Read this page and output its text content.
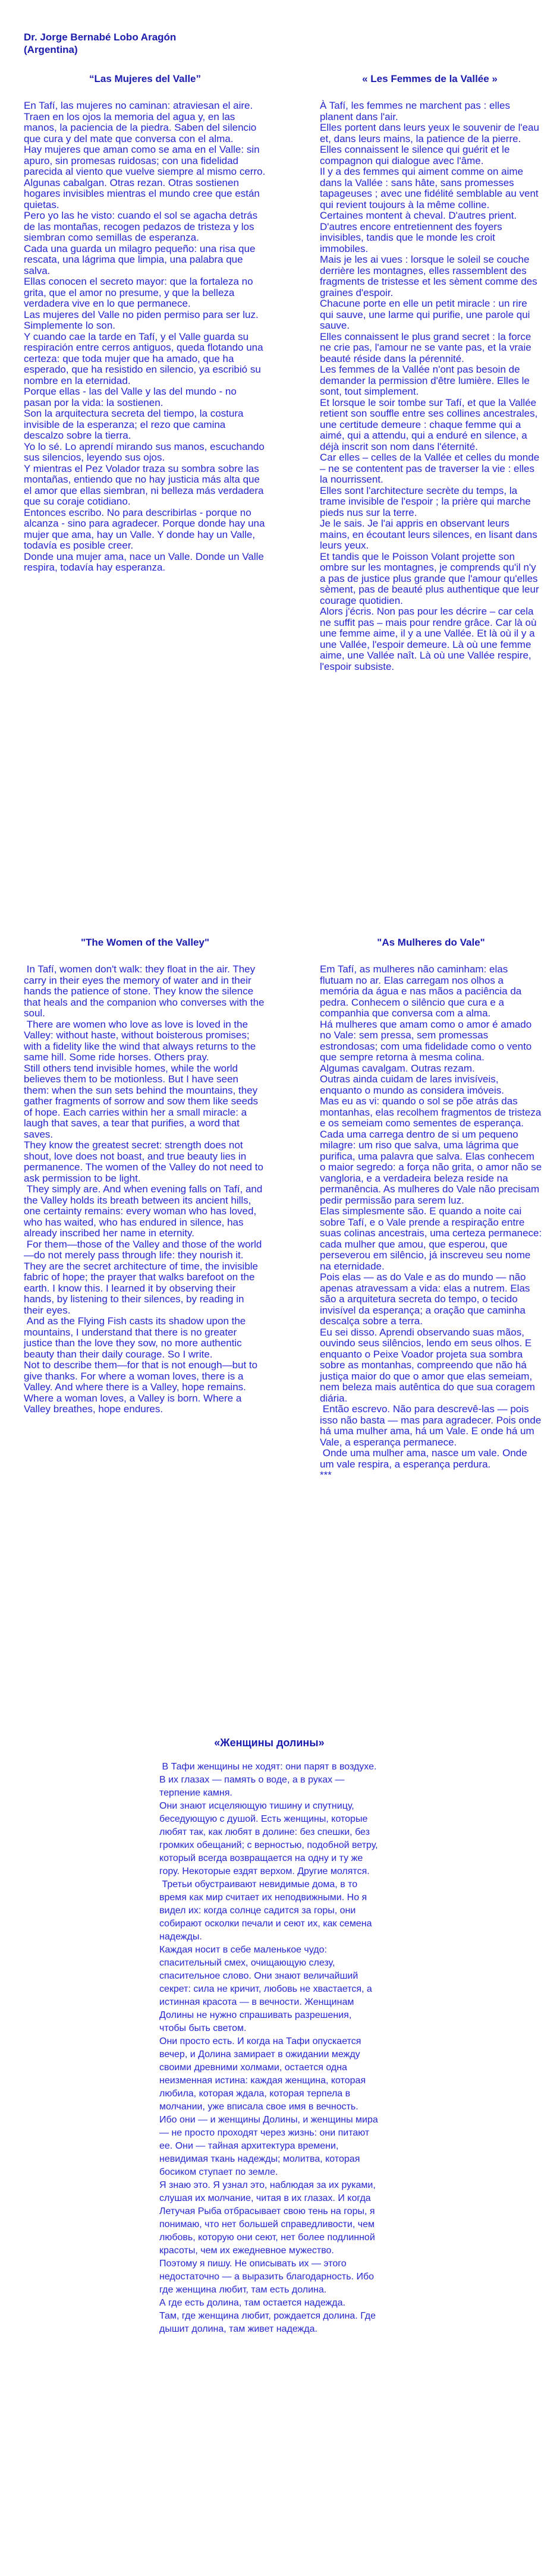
Dr. Jorge Bernabé Lobo Aragón
(Argentina)
“Las Mujeres del Valle”

En Tafí, las mujeres no caminan: atraviesan el aire. Traen en los ojos la memoria del agua y, en las manos, la paciencia de la piedra. Saben del silencio que cura y del mate que conversa con el alma.

Hay mujeres que aman como se ama en el Valle: sin apuro, sin promesas ruidosas; con una fidelidad parecida al viento que vuelve siempre al mismo cerro.

Algunas cabalgan. Otras rezan. Otras sostienen hogares invisibles mientras el mundo cree que están quietas.

Pero yo las he visto: cuando el sol se agacha detrás de las montañas, recogen pedazos de tristeza y los siembran como semillas de esperanza.

Cada una guarda un milagro pequeño: una risa que rescata, una lágrima que limpia, una palabra que salva.

Ellas conocen el secreto mayor: que la fortaleza no grita, que el amor no presume, y que la belleza verdadera vive en lo que permanece.

Las mujeres del Valle no piden permiso para ser luz. Simplemente lo son.

Y cuando cae la tarde en Tafí, y el Valle guarda su respiración entre cerros antiguos, queda flotando una certeza: que toda mujer que ha amado, que ha esperado, que ha resistido en silencio, ya escribió su nombre en la eternidad.

Porque ellas - las del Valle y las del mundo - no pasan por la vida: la sostienen.

Son la arquitectura secreta del tiempo, la costura invisible de la esperanza; el rezo que camina descalzo sobre la tierra.

Yo lo sé. Lo aprendí mirando sus manos, escuchando sus silencios, leyendo sus ojos.

Y mientras el Pez Volador traza su sombra sobre las montañas, entiendo que no hay justicia más alta que el amor que ellas siembran, ni belleza más verdadera que su coraje cotidiano.

Entonces escribo. No para describirlas - porque no alcanza - sino para agradecer. Porque donde hay una mujer que ama, hay un Valle. Y donde hay un Valle, todavía es posible creer.

Donde una mujer ama, nace un Valle. Donde un Valle respira, todavía hay esperanza.

« Les Femmes de la Vallée »

À Tafí, les femmes ne marchent pas : elles planent dans l'air.

Elles portent dans leurs yeux le souvenir de l'eau et, dans leurs mains, la patience de la pierre. Elles connaissent le silence qui guérit et le compagnon qui dialogue avec l'âme.

Il y a des femmes qui aiment comme on aime dans la Vallée : sans hâte, sans promesses tapageuses ; avec une fidélité semblable au vent qui revient toujours à la même colline.

Certaines montent à cheval. D'autres prient. D'autres encore entretiennent des foyers invisibles, tandis que le monde les croit immobiles.

Mais je les ai vues : lorsque le soleil se couche derrière les montagnes, elles rassemblent des fragments de tristesse et les sèment comme des graines d'espoir.

Chacune porte en elle un petit miracle : un rire qui sauve, une larme qui purifie, une parole qui sauve.

Elles connaissent le plus grand secret : la force ne crie pas, l'amour ne se vante pas, et la vraie beauté réside dans la pérennité.

Les femmes de la Vallée n'ont pas besoin de demander la permission d'être lumière. Elles le sont, tout simplement.

Et lorsque le soir tombe sur Tafí, et que la Vallée retient son souffle entre ses collines ancestrales, une certitude demeure : chaque femme qui a aimé, qui a attendu, qui a enduré en silence, a déjà inscrit son nom dans l'éternité.

Car elles – celles de la Vallée et celles du monde – ne se contentent pas de traverser la vie : elles la nourrissent.

Elles sont l'architecture secrète du temps, la trame invisible de l'espoir ; la prière qui marche pieds nus sur la terre.

Je le sais. Je l'ai appris en observant leurs mains, en écoutant leurs silences, en lisant dans leurs yeux.

Et tandis que le Poisson Volant projette son ombre sur les montagnes, je comprends qu'il n'y a pas de justice plus grande que l'amour qu'elles sèment, pas de beauté plus authentique que leur courage quotidien.

Alors j'écris. Non pas pour les décrire – car cela ne suffit pas – mais pour rendre grâce. Car là où une femme aime, il y a une Vallée. Et là où il y a une Vallée, l'espoir demeure. Là où une femme aime, une Vallée naît. Là où une Vallée respire, l'espoir subsiste.

"The Women of the Valley"

In Tafí, women don't walk: they float in the air. They carry in their eyes the memory of water and in their hands the patience of stone. They know the silence that heals and the companion who converses with the soul.

There are women who love as love is loved in the Valley: without haste, without boisterous promises; with a fidelity like the wind that always returns to the same hill. Some ride horses. Others pray.

Still others tend invisible homes, while the world believes them to be motionless. But I have seen them: when the sun sets behind the mountains, they gather fragments of sorrow and sow them like seeds of hope. Each carries within her a small miracle: a laugh that saves, a tear that purifies, a word that saves.

They know the greatest secret: strength does not shout, love does not boast, and true beauty lies in permanence. The women of the Valley do not need to ask permission to be light.

They simply are. And when evening falls on Tafí, and the Valley holds its breath between its ancient hills, one certainty remains: every woman who has loved, who has waited, who has endured in silence, has already inscribed her name in eternity.

For them—those of the Valley and those of the world—do not merely pass through life: they nourish it.

They are the secret architecture of time, the invisible fabric of hope; the prayer that walks barefoot on the earth. I know this. I learned it by observing their hands, by listening to their silences, by reading in their eyes.

And as the Flying Fish casts its shadow upon the mountains, I understand that there is no greater justice than the love they sow, no more authentic beauty than their daily courage. So I write.

Not to describe them—for that is not enough—but to give thanks. For where a woman loves, there is a Valley. And where there is a Valley, hope remains. Where a woman loves, a Valley is born. Where a Valley breathes, hope endures.

"As Mulheres do Vale"

Em Tafí, as mulheres não caminham: elas flutuam no ar. Elas carregam nos olhos a memória da água e nas mãos a paciência da pedra. Conhecem o silêncio que cura e a companhia que conversa com a alma.

Há mulheres que amam como o amor é amado no Vale: sem pressa, sem promessas estrondosas; com uma fidelidade como o vento que sempre retorna à mesma colina.

Algumas cavalgam. Outras rezam.

Outras ainda cuidam de lares invisíveis, enquanto o mundo as considera imóveis.

Mas eu as vi: quando o sol se põe atrás das montanhas, elas recolhem fragmentos de tristeza e os semeiam como sementes de esperança.

Cada uma carrega dentro de si um pequeno milagre: um riso que salva, uma lágrima que purifica, uma palavra que salva. Elas conhecem o maior segredo: a força não grita, o amor não se vangloria, e a verdadeira beleza reside na permanência. As mulheres do Vale não precisam pedir permissão para serem luz.

Elas simplesmente são. E quando a noite cai sobre Tafí, e o Vale prende a respiração entre suas colinas ancestrais, uma certeza permanece: cada mulher que amou, que esperou, que perseverou em silêncio, já inscreveu seu nome na eternidade.

Pois elas — as do Vale e as do mundo — não apenas atravessam a vida: elas a nutrem. Elas são a arquitetura secreta do tempo, o tecido invisível da esperança; a oração que caminha descalça sobre a terra.

Eu sei disso. Aprendi observando suas mãos, ouvindo seus silêncios, lendo em seus olhos. E enquanto o Peixe Voador projeta sua sombra sobre as montanhas, compreendo que não há justiça maior do que o amor que elas semeiam, nem beleza mais autêntica do que sua coragem diária.

Então escrevo. Não para descrevê-las — pois isso não basta — mas para agradecer. Pois onde há uma mulher ama, há um Vale. E onde há um Vale, a esperança permanece.

Onde uma mulher ama, nasce um vale. Onde um vale respira, a esperança perdura.

***

«Женщины долины»

В Тафи женщины не ходят: они парят в воздухе. В их глазах — память о воде, а в руках — терпение камня.

Они знают исцеляющую тишину и спутницу, беседующую с душой. Есть женщины, которые любят так, как любят в долине: без спешки, без громких обещаний; с верностью, подобной ветру, который всегда возвращается на одну и ту же гору. Некоторые ездят верхом. Другие молятся.

Третьи обустраивают невидимые дома, в то время как мир считает их неподвижными. Но я видел их: когда солнце садится за горы, они собирают осколки печали и сеют их, как семена надежды.

Каждая носит в себе маленькое чудо: спасительный смех, очищающую слезу, спасительное слово. Они знают величайший секрет: сила не кричит, любовь не хвастается, а истинная красота — в вечности. Женщинам Долины не нужно спрашивать разрешения, чтобы быть светом.

Они просто есть. И когда на Тафи опускается вечер, и Долина замирает в ожидании между своими древними холмами, остается одна неизменная истина: каждая женщина, которая любила, которая ждала, которая терпела в молчании, уже вписала свое имя в вечность.

Ибо они — и женщины Долины, и женщины мира — не просто проходят через жизнь: они питают ее. Они — тайная архитектура времени, невидимая ткань надежды; молитва, которая босиком ступает по земле.

Я знаю это. Я узнал это, наблюдая за их руками, слушая их молчание, читая в их глазах. И когда Летучая Рыба отбрасывает свою тень на горы, я понимаю, что нет большей справедливости, чем любовь, которую они сеют, нет более подлинной красоты, чем их ежедневное мужество.

Поэтому я пишу. Не описывать их — этого недостаточно — а выразить благодарность. Ибо где женщина любит, там есть долина.

А где есть долина, там остается надежда.

Там, где женщина любит, рождается долина. Где дышит долина, там живет надежда.
